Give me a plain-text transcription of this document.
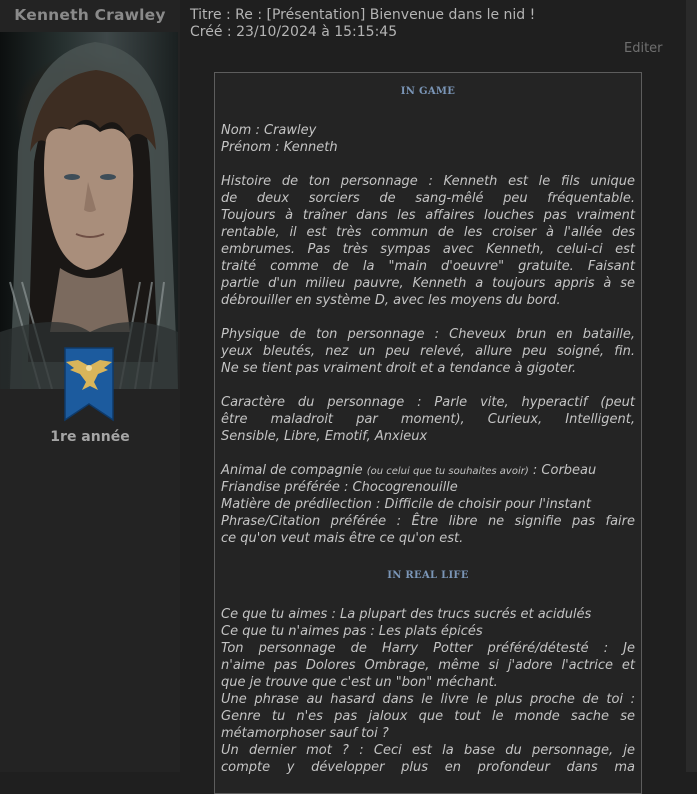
Kenneth Crawley
1re année
Titre : Re : [Présentation] Bienvenue dans le nid !
Créé : 23/10/2024 à 15:15:45
Editer
IN GAME
Nom : Crawley
Prénom : Kenneth
Histoire de ton personnage : Kenneth est le fils unique
de deux sorciers de sang-mêlé peu fréquentable.
Toujours à traîner dans les affaires louches pas vraiment
rentable, il est très commun de les croiser à l'allée des
embrumes. Pas très sympas avec Kenneth, celui-ci est
traité comme de la "main d'oeuvre" gratuite. Faisant
partie d'un milieu pauvre, Kenneth a toujours appris à se
débrouiller en système D, avec les moyens du bord.
Physique de ton personnage : Cheveux brun en bataille,
yeux bleutés, nez un peu relevé, allure peu soigné, fin.
Ne se tient pas vraiment droit et a tendance à gigoter.
Caractère du personnage : Parle vite, hyperactif (peut
être maladroit par moment), Curieux, Intelligent,
Sensible, Libre, Emotif, Anxieux
Animal de compagnie (ou celui que tu souhaites avoir) : Corbeau
Friandise préférée : Chocogrenouille
Matière de prédilection : Difficile de choisir pour l'instant
Phrase/Citation préférée : Être libre ne signifie pas faire
ce qu'on veut mais être ce qu'on est.
IN REAL LIFE
Ce que tu aimes : La plupart des trucs sucrés et acidulés
Ce que tu n'aimes pas : Les plats épicés
Ton personnage de Harry Potter préféré/détesté : Je
n'aime pas Dolores Ombrage, même si j'adore l'actrice et
que je trouve que c'est un "bon" méchant.
Une phrase au hasard dans le livre le plus proche de toi :
Genre tu n'es pas jaloux que tout le monde sache se
métamorphoser sauf toi ?
Un dernier mot ? : Ceci est la base du personnage, je
compte y développer plus en profondeur dans ma
